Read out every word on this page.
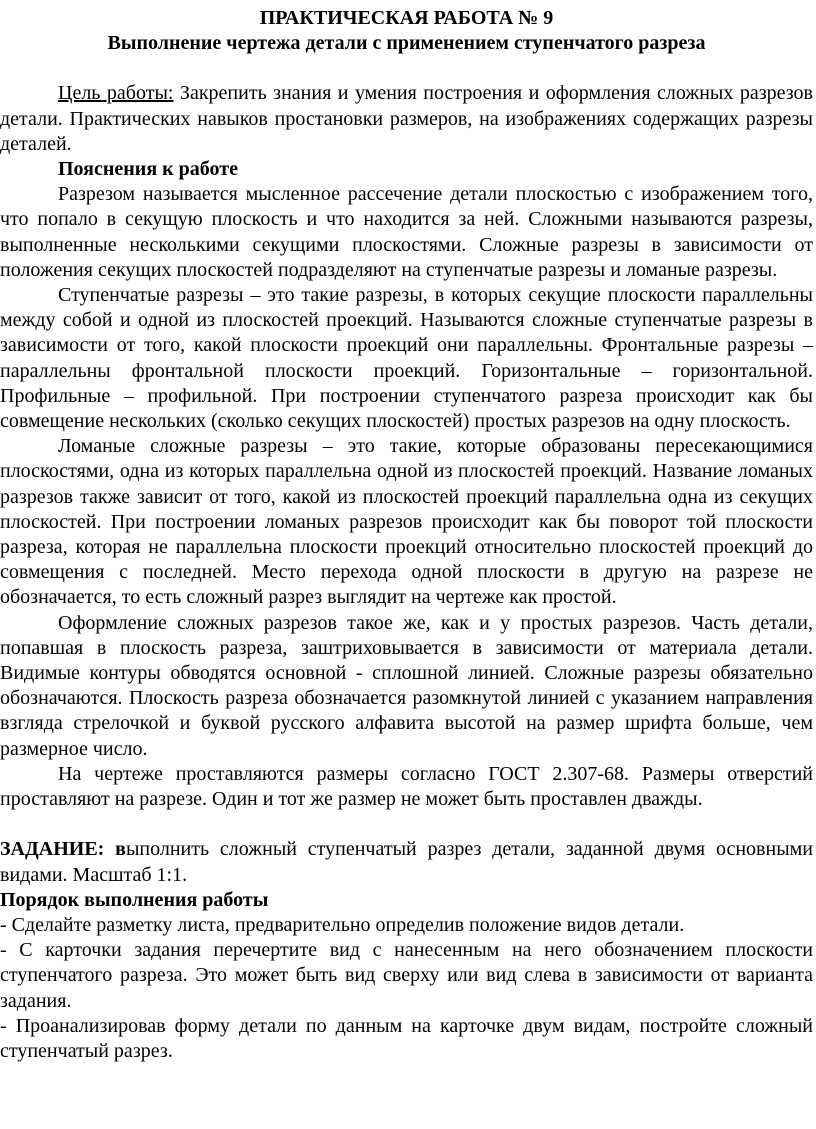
ПРАКТИЧЕСКАЯ РАБОТА № 9
Выполнение чертежа детали с применением ступенчатого разреза

Цель работы: Закрепить знания и умения построения и оформления сложных разрезов детали. Практических навыков простановки размеров, на изображениях содержащих разрезы деталей.

Пояснения к работе

Разрезом называется мысленное рассечение детали плоскостью с изображением того, что попало в секущую плоскость и что находится за ней. Сложными называются разрезы, выполненные несколькими секущими плоскостями. Сложные разрезы в зависимости от положения секущих плоскостей подразделяют на ступенчатые разрезы и ломаные разрезы.

Ступенчатые разрезы – это такие разрезы, в которых секущие плоскости параллельны между собой и одной из плоскостей проекций. Называются сложные ступенчатые разрезы в зависимости от того, какой плоскости проекций они параллельны. Фронтальные разрезы – параллельны фронтальной плоскости проекций. Горизонтальные – горизонтальной. Профильные – профильной. При построении ступенчатого разреза происходит как бы совмещение нескольких (сколько секущих плоскостей) простых разрезов на одну плоскость.

Ломаные сложные разрезы – это такие, которые образованы пересекающимися плоскостями, одна из которых параллельна одной из плоскостей проекций. Название ломаных разрезов также зависит от того, какой из плоскостей проекций параллельна одна из секущих плоскостей. При построении ломаных разрезов происходит как бы поворот той плоскости разреза, которая не параллельна плоскости проекций относительно плоскостей проекций до совмещения с последней. Место перехода одной плоскости в другую на разрезе не обозначается, то есть сложный разрез выглядит на чертеже как простой.

Оформление сложных разрезов такое же, как и у простых разрезов. Часть детали, попавшая в плоскость разреза, заштриховывается в зависимости от материала детали. Видимые контуры обводятся основной - сплошной линией. Сложные разрезы обязательно обозначаются. Плоскость разреза обозначается разомкнутой линией с указанием направления взгляда стрелочкой и буквой русского алфавита высотой на размер шрифта больше, чем размерное число.

На чертеже проставляются размеры согласно ГОСТ 2.307-68. Размеры отверстий проставляют на разрезе. Один и тот же размер не может быть проставлен дважды.

ЗАДАНИЕ: выполнить сложный ступенчатый разрез детали, заданной двумя основными видами. Масштаб 1:1.

Порядок выполнения работы

- Сделайте разметку листа, предварительно определив положение видов детали.

- С карточки задания перечертите вид с нанесенным на него обозначением плоскости ступенчатого разреза. Это может быть вид сверху или вид слева в зависимости от варианта задания.

- Проанализировав форму детали по данным на карточке двум видам, постройте сложный ступенчатый разрез.
